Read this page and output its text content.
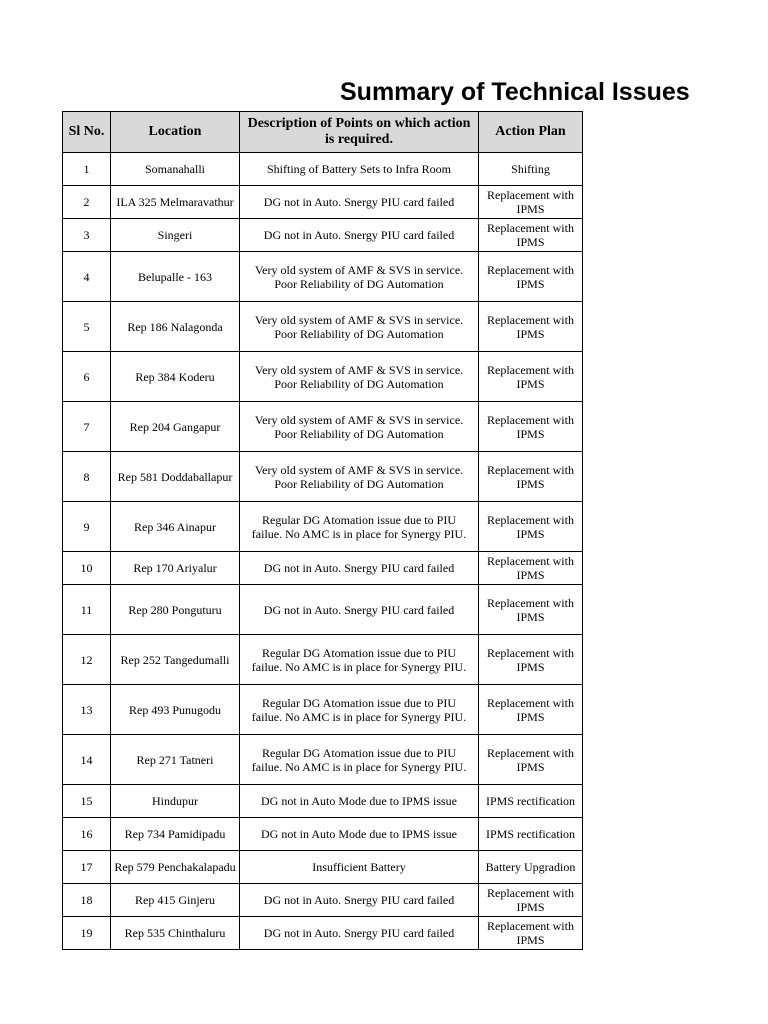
Summary of Technical Issues
Sl No.	Location	Description of Points on which action is required.	Action Plan
1	Somanahalli	Shifting of Battery Sets to Infra Room	Shifting
2	ILA 325 Melmaravathur	DG not in Auto. Snergy PIU card failed	Replacement with
IPMS
3	Singeri	DG not in Auto. Snergy PIU card failed	Replacement with
IPMS
4	Belupalle - 163	Very old system of AMF & SVS in service.
Poor Reliability of DG Automation	Replacement with
IPMS
5	Rep 186 Nalagonda	Very old system of AMF & SVS in service.
Poor Reliability of DG Automation	Replacement with
IPMS
6	Rep 384 Koderu	Very old system of AMF & SVS in service.
Poor Reliability of DG Automation	Replacement with
IPMS
7	Rep 204 Gangapur	Very old system of AMF & SVS in service.
Poor Reliability of DG Automation	Replacement with
IPMS
8	Rep 581 Doddaballapur	Very old system of AMF & SVS in service.
Poor Reliability of DG Automation	Replacement with
IPMS
9	Rep 346 Ainapur	Regular DG Atomation issue due to PIU
failue. No AMC is in place for Synergy PIU.	Replacement with
IPMS
10	Rep 170 Ariyalur	DG not in Auto. Snergy PIU card failed	Replacement with
IPMS
11	Rep 280 Ponguturu	DG not in Auto. Snergy PIU card failed	Replacement with
IPMS
12	Rep 252 Tangedumalli	Regular DG Atomation issue due to PIU
failue. No AMC is in place for Synergy PIU.	Replacement with
IPMS
13	Rep 493 Punugodu	Regular DG Atomation issue due to PIU
failue. No AMC is in place for Synergy PIU.	Replacement with
IPMS
14	Rep 271 Tatneri	Regular DG Atomation issue due to PIU
failue. No AMC is in place for Synergy PIU.	Replacement with
IPMS
15	Hindupur	DG not in Auto Mode due to IPMS issue	IPMS rectification
16	Rep 734 Pamidipadu	DG not in Auto Mode due to IPMS issue	IPMS rectification
17	Rep 579 Penchakalapadu	Insufficient Battery	Battery Upgradion
18	Rep 415 Ginjeru	DG not in Auto. Snergy PIU card failed	Replacement with
IPMS
19	Rep 535 Chinthaluru	DG not in Auto. Snergy PIU card failed	Replacement with
IPMS
